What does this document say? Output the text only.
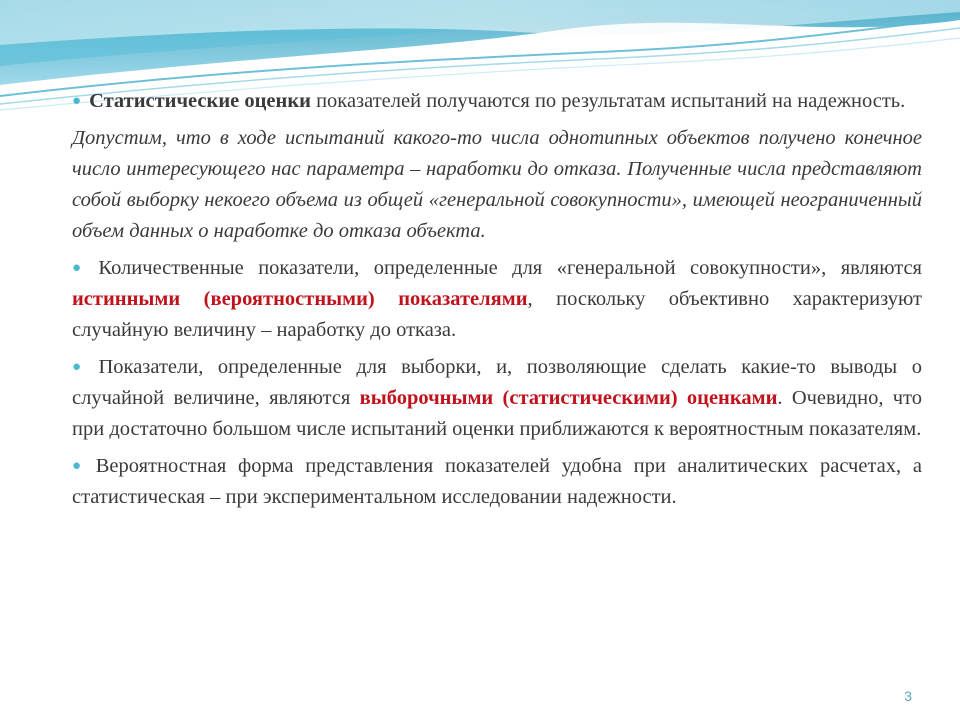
● Статистические оценки показателей получаются по результатам испытаний на надежность.

Допустим, что в ходе испытаний какого-то числа однотипных объектов получено конечное число интересующего нас параметра – наработки до отказа. Полученные числа представляют собой выборку некоего объема из общей «генеральной совокупности», имеющей неограниченный объем данных о наработке до отказа объекта.

● Количественные показатели, определенные для «генеральной совокупности», являются истинными (вероятностными) показателями, поскольку объективно характеризуют случайную величину – наработку до отказа.

● Показатели, определенные для выборки, и, позволяющие сделать какие-то выводы о случайной величине, являются выборочными (статистическими) оценками. Очевидно, что при достаточно большом числе испытаний оценки приближаются к вероятностным показателям.

● Вероятностная форма представления показателей удобна при аналитических расчетах, а статистическая – при экспериментальном исследовании надежности.

3
